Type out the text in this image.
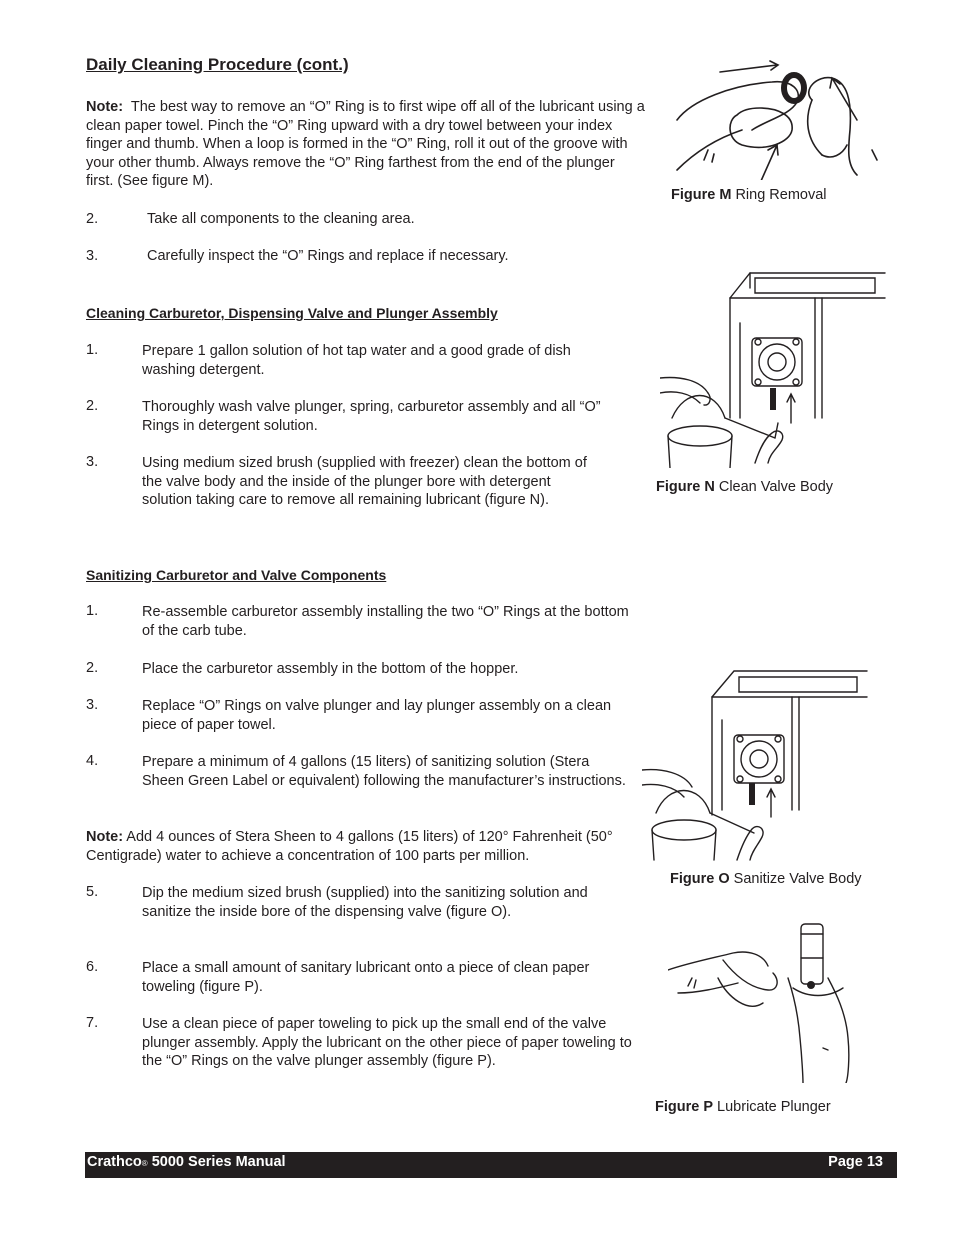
Daily Cleaning Procedure (cont.)
Note: The best way to remove an “O” Ring is to first wipe off all of the lubricant using a clean paper towel. Pinch the “O” Ring upward with a dry towel between your index finger and thumb. When a loop is formed in the “O” Ring, roll it out of the groove with your other thumb. Always remove the “O” Ring farthest from the end of the plunger first. (See figure M).
2.	Take all components to the cleaning area.
3.	Carefully inspect the “O” Rings and replace if necessary.
Cleaning Carburetor, Dispensing Valve and Plunger Assembly
1.	Prepare 1 gallon solution of hot tap water and a good grade of dish washing detergent.
2.	Thoroughly wash valve plunger, spring, carburetor assembly and all “O” Rings in detergent solution.
3.	Using medium sized brush (supplied with freezer) clean the bottom of the valve body and the inside of the plunger bore with detergent solution taking care to remove all remaining lubricant (figure N).
Sanitizing Carburetor and Valve Components
1.	Re-assemble carburetor assembly installing the two “O” Rings at the bottom of the carb tube.
2.	Place the carburetor assembly in the bottom of the hopper.
3.	Replace “O” Rings on valve plunger and lay plunger assembly on a clean piece of paper towel.
4.	Prepare a minimum of 4 gallons (15 liters) of sanitizing solution (Stera Sheen Green Label or equivalent) following the manufacturer’s instructions.
Note: Add 4 ounces of Stera Sheen to 4 gallons (15 liters) of 120° Fahrenheit (50° Centigrade) water to achieve a concentration of 100 parts per million.
5.	Dip the medium sized brush (supplied) into the sanitizing solution and sanitize the inside bore of the dispensing valve (figure O).
6.	Place a small amount of sanitary lubricant onto a piece of clean paper toweling (figure P).
7.	Use a clean piece of paper toweling to pick up the small end of the valve plunger assembly. Apply the lubricant on the other piece of paper toweling to the “O” Rings on the valve plunger assembly (figure P).
Figure M Ring Removal
Figure N Clean Valve Body
Figure O Sanitize Valve Body
Figure P Lubricate Plunger
Crathco® 5000 Series Manual	Page 13
